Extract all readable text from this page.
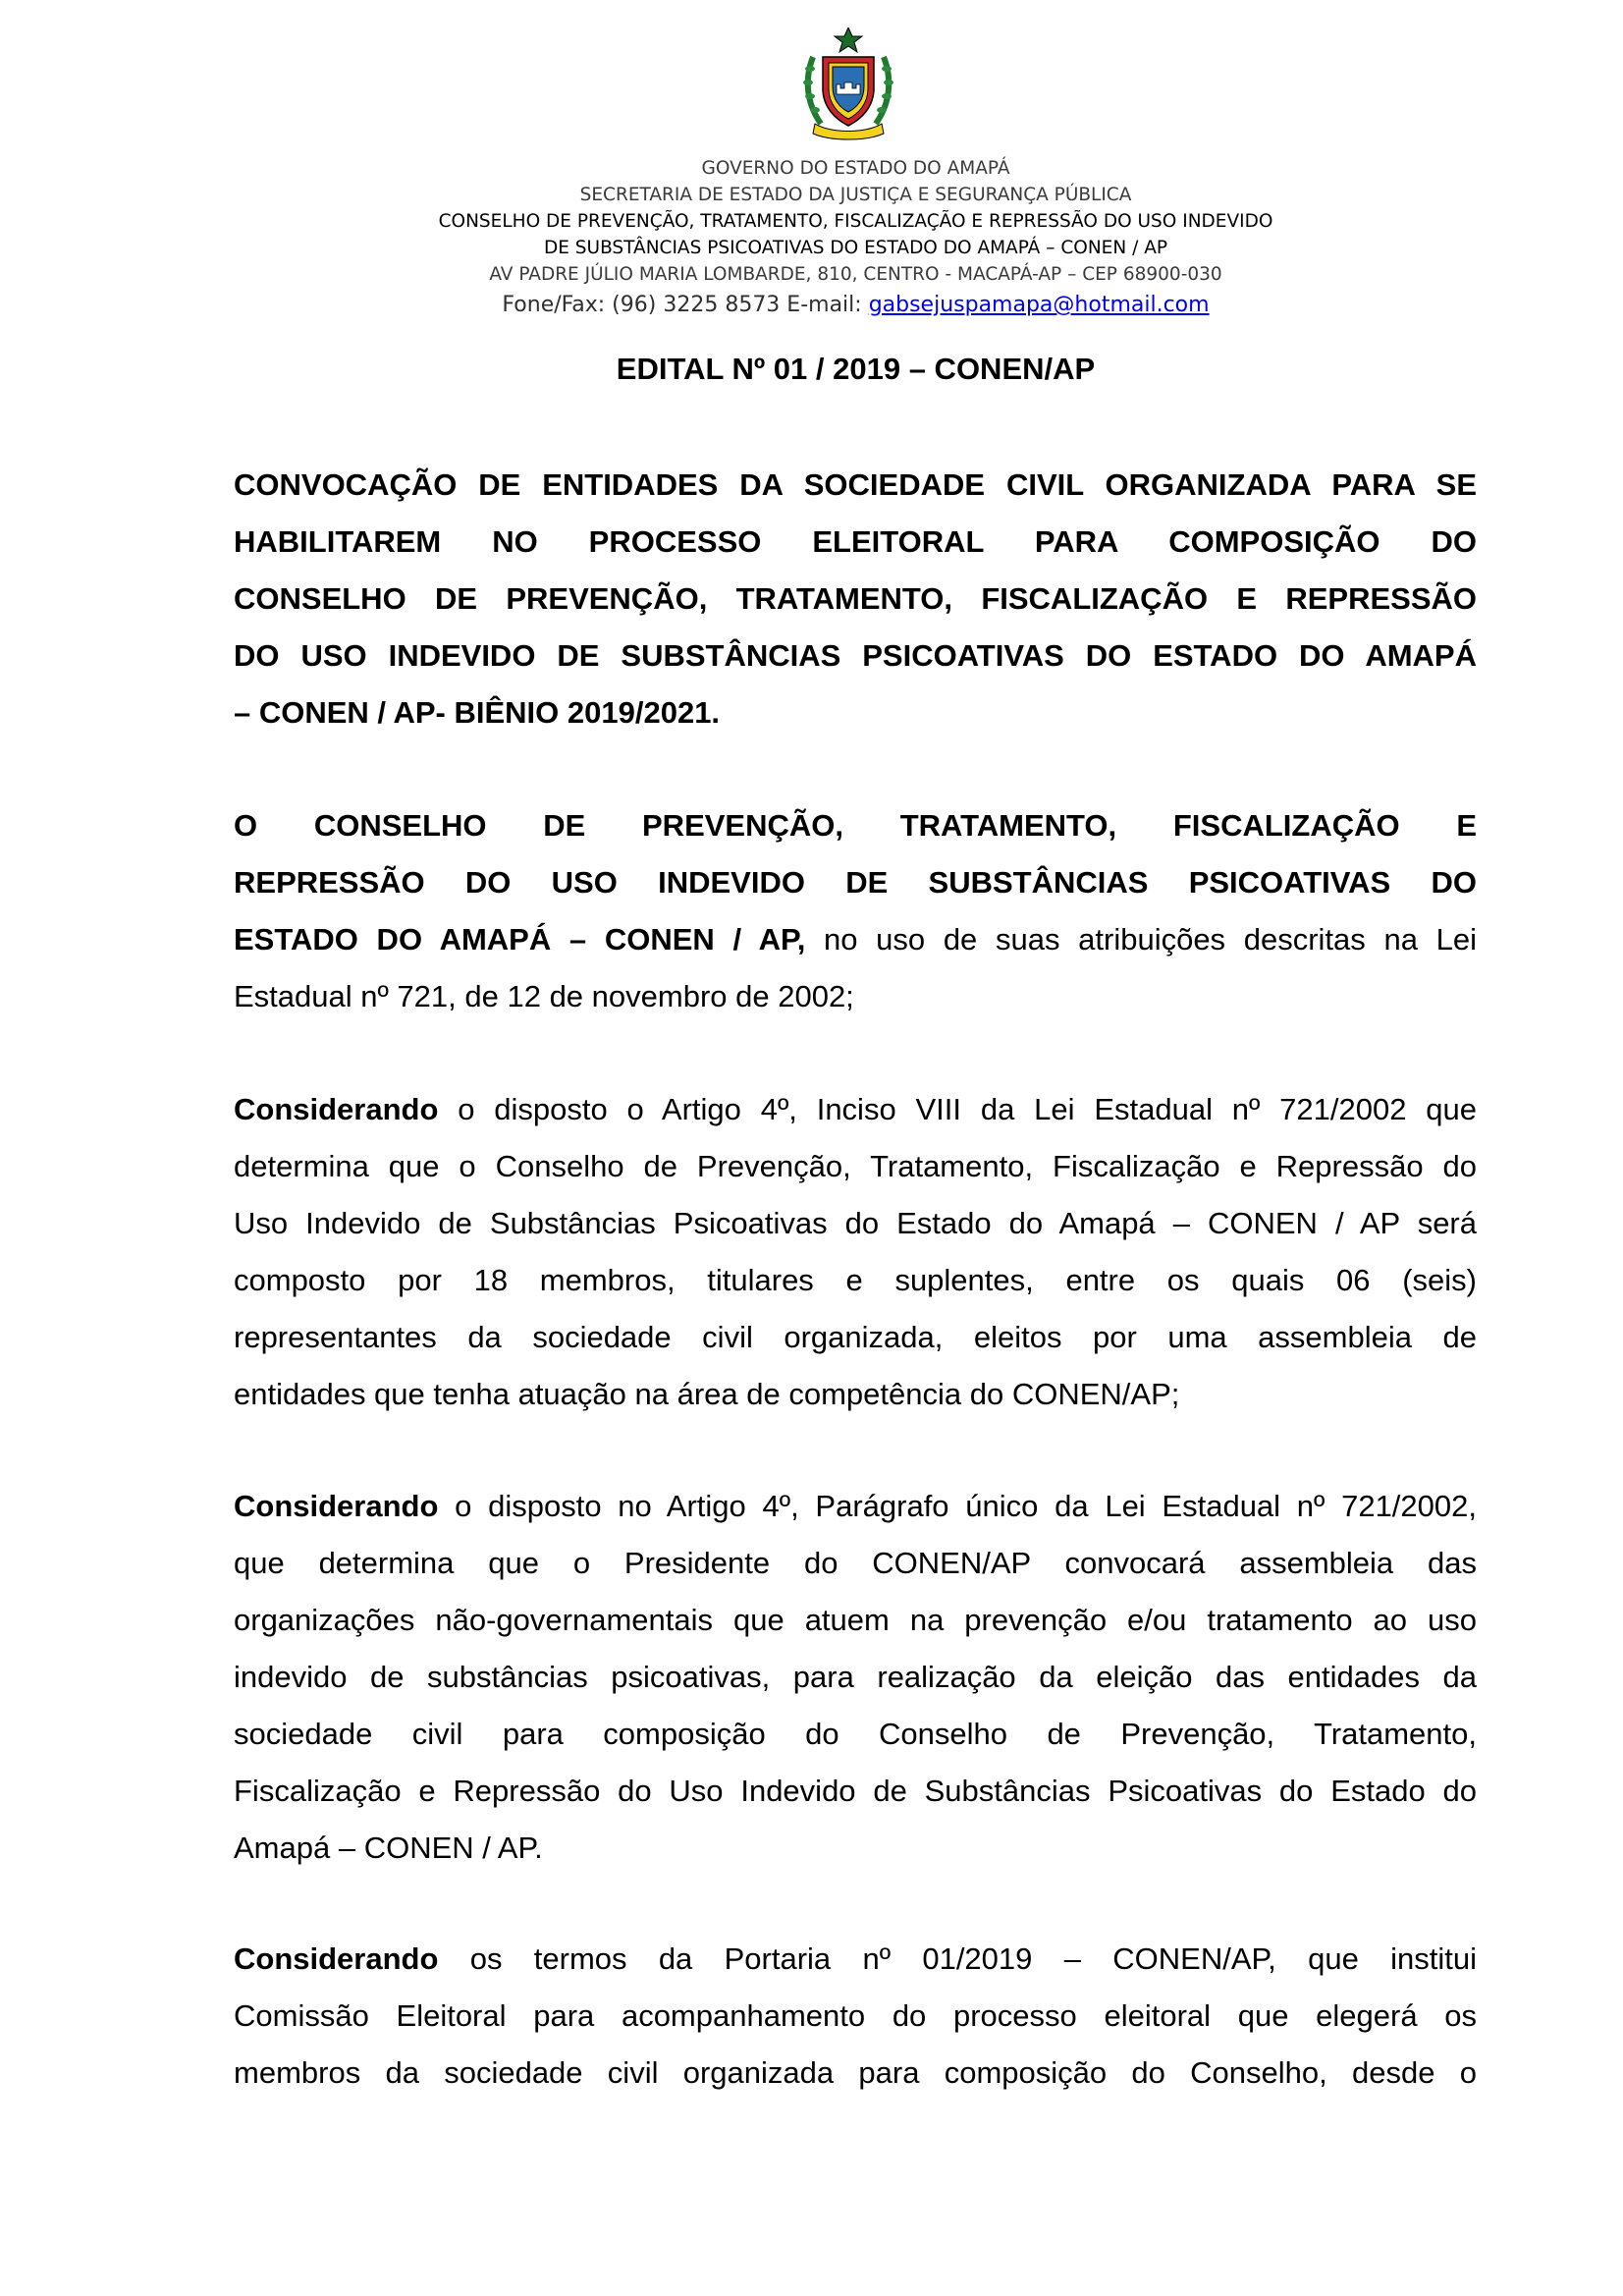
GOVERNO DO ESTADO DO AMAPÁ
SECRETARIA DE ESTADO DA JUSTIÇA E SEGURANÇA PÚBLICA
CONSELHO DE PREVENÇÃO, TRATAMENTO, FISCALIZAÇÃO E REPRESSÃO DO USO INDEVIDO
DE SUBSTÂNCIAS PSICOATIVAS DO ESTADO DO AMAPÁ – CONEN / AP
AV PADRE JÚLIO MARIA LOMBARDE, 810, CENTRO - MACAPÁ-AP – CEP 68900-030
Fone/Fax: (96) 3225 8573 E-mail: gabsejuspamapa@hotmail.com
EDITAL Nº 01 / 2019 – CONEN/AP
CONVOCAÇÃO DE ENTIDADES DA SOCIEDADE CIVIL ORGANIZADA PARA SE
HABILITAREM NO PROCESSO ELEITORAL PARA COMPOSIÇÃO DO
CONSELHO DE PREVENÇÃO, TRATAMENTO, FISCALIZAÇÃO E REPRESSÃO
DO USO INDEVIDO DE SUBSTÂNCIAS PSICOATIVAS DO ESTADO DO AMAPÁ
– CONEN / AP- BIÊNIO 2019/2021.
O CONSELHO DE PREVENÇÃO, TRATAMENTO, FISCALIZAÇÃO E
REPRESSÃO DO USO INDEVIDO DE SUBSTÂNCIAS PSICOATIVAS DO
ESTADO DO AMAPÁ – CONEN / AP, no uso de suas atribuições descritas na Lei
Estadual nº 721, de 12 de novembro de 2002;
Considerando o disposto o Artigo 4º, Inciso VIII da Lei Estadual nº 721/2002 que
determina que o Conselho de Prevenção, Tratamento, Fiscalização e Repressão do
Uso Indevido de Substâncias Psicoativas do Estado do Amapá – CONEN / AP será
composto por 18 membros, titulares e suplentes, entre os quais 06 (seis)
representantes da sociedade civil organizada, eleitos por uma assembleia de
entidades que tenha atuação na área de competência do CONEN/AP;
Considerando o disposto no Artigo 4º, Parágrafo único da Lei Estadual nº 721/2002,
que determina que o Presidente do CONEN/AP convocará assembleia das
organizações não-governamentais que atuem na prevenção e/ou tratamento ao uso
indevido de substâncias psicoativas, para realização da eleição das entidades da
sociedade civil para composição do Conselho de Prevenção, Tratamento,
Fiscalização e Repressão do Uso Indevido de Substâncias Psicoativas do Estado do
Amapá – CONEN / AP.
Considerando os termos da Portaria nº 01/2019 – CONEN/AP, que institui
Comissão Eleitoral para acompanhamento do processo eleitoral que elegerá os
membros da sociedade civil organizada para composição do Conselho, desde o
